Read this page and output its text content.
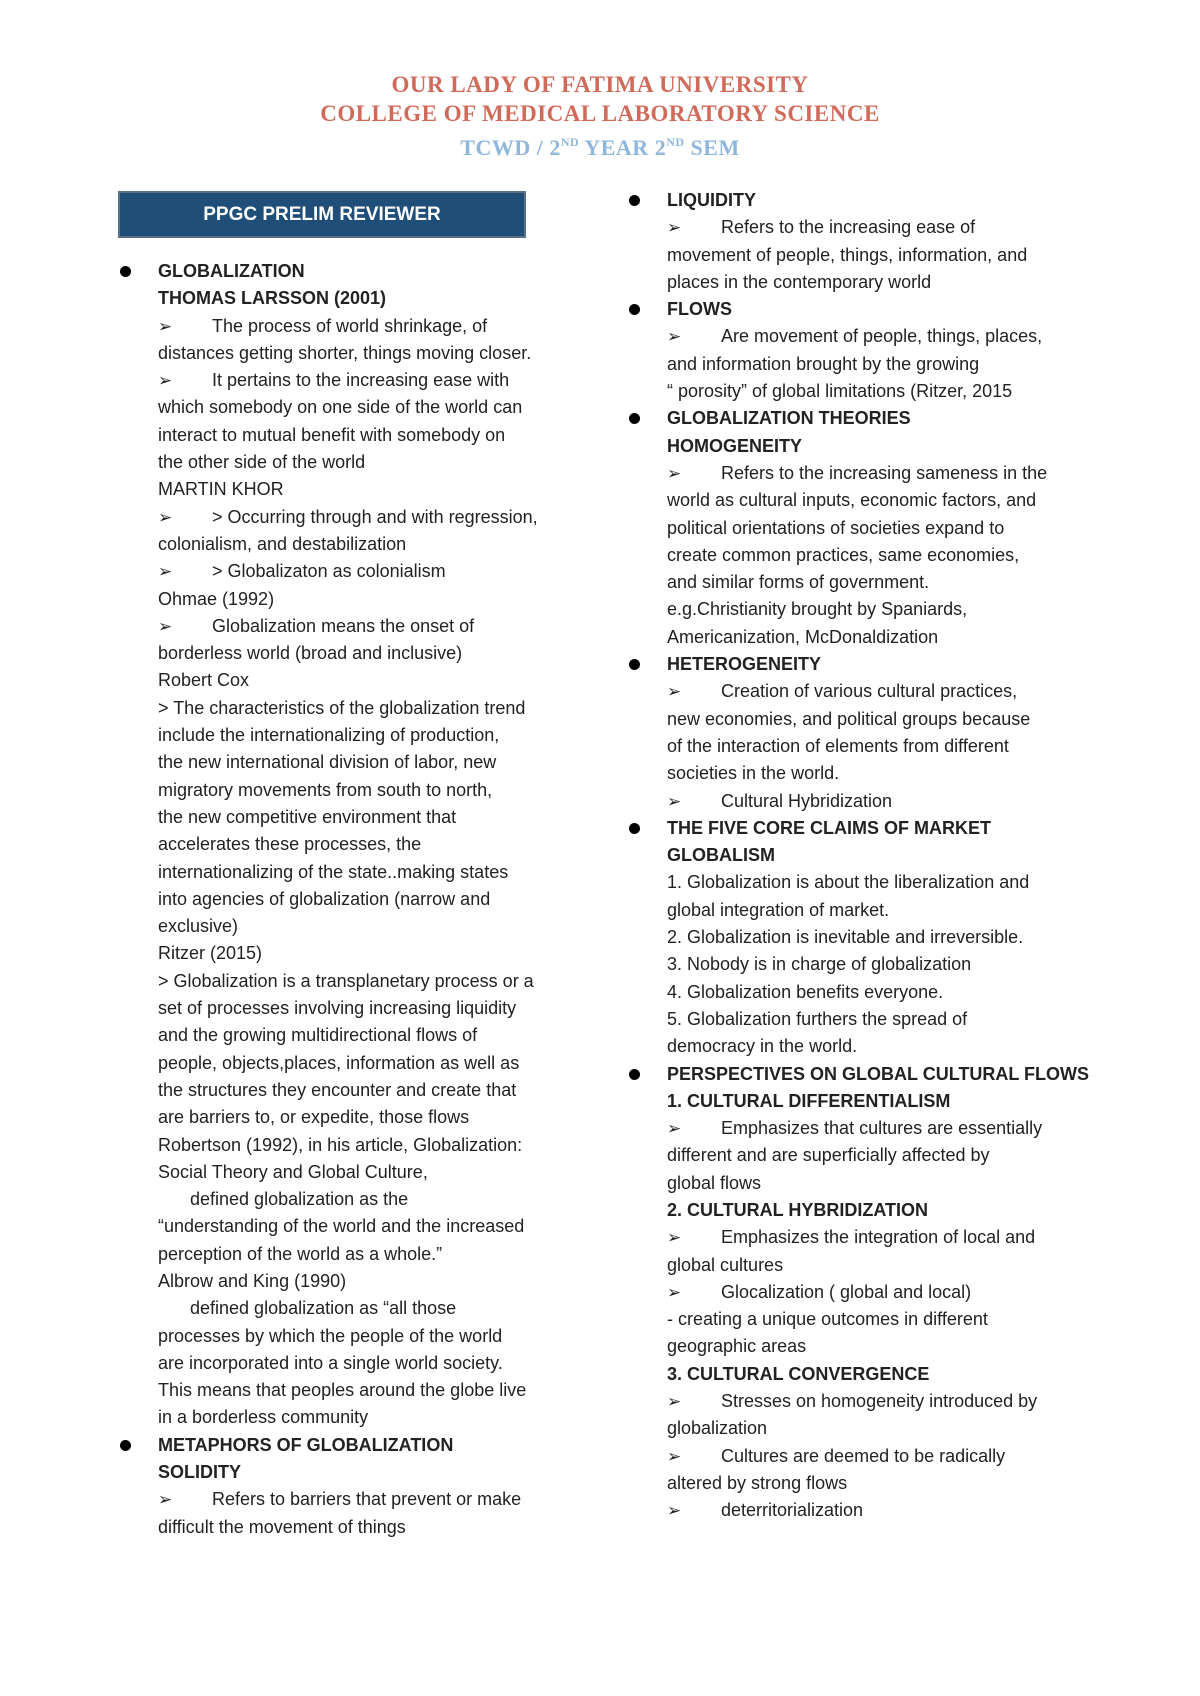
OUR LADY OF FATIMA UNIVERSITY
COLLEGE OF MEDICAL LABORATORY SCIENCE
TCWD / 2ND YEAR 2ND SEM
PPGC PRELIM REVIEWER
GLOBALIZATION
THOMAS LARSSON (2001)
➢ The process of world shrinkage, of
distances getting shorter, things moving closer.
➢ It pertains to the increasing ease with
which somebody on one side of the world can
interact to mutual benefit with somebody on
the other side of the world
MARTIN KHOR
➢ > Occurring through and with regression,
colonialism, and destabilization
➢ > Globalizaton as colonialism
Ohmae (1992)
➢ Globalization means the onset of
borderless world (broad and inclusive)
Robert Cox
> The characteristics of the globalization trend
include the internationalizing of production,
the new international division of labor, new
migratory movements from south to north,
the new competitive environment that
accelerates these processes, the
internationalizing of the state..making states
into agencies of globalization (narrow and
exclusive)
Ritzer (2015)
> Globalization is a transplanetary process or a
set of processes involving increasing liquidity
and the growing multidirectional flows of
people, objects,places, information as well as
the structures they encounter and create that
are barriers to, or expedite, those flows
Robertson (1992), in his article, Globalization:
Social Theory and Global Culture,
defined globalization as the
“understanding of the world and the increased
perception of the world as a whole.”
Albrow and King (1990)
defined globalization as “all those
processes by which the people of the world
are incorporated into a single world society.
This means that peoples around the globe live
in a borderless community
METAPHORS OF GLOBALIZATION
SOLIDITY
➢ Refers to barriers that prevent or make
difficult the movement of things
LIQUIDITY
➢ Refers to the increasing ease of
movement of people, things, information, and
places in the contemporary world
FLOWS
➢ Are movement of people, things, places,
and information brought by the growing
“ porosity” of global limitations (Ritzer, 2015
GLOBALIZATION THEORIES
HOMOGENEITY
➢ Refers to the increasing sameness in the
world as cultural inputs, economic factors, and
political orientations of societies expand to
create common practices, same economies,
and similar forms of government.
e.g.Christianity brought by Spaniards,
Americanization, McDonaldization
HETEROGENEITY
➢ Creation of various cultural practices,
new economies, and political groups because
of the interaction of elements from different
societies in the world.
➢ Cultural Hybridization
THE FIVE CORE CLAIMS OF MARKET
GLOBALISM
1. Globalization is about the liberalization and
global integration of market.
2. Globalization is inevitable and irreversible.
3. Nobody is in charge of globalization
4. Globalization benefits everyone.
5. Globalization furthers the spread of
democracy in the world.
PERSPECTIVES ON GLOBAL CULTURAL FLOWS
1. CULTURAL DIFFERENTIALISM
➢ Emphasizes that cultures are essentially
different and are superficially affected by
global flows
2. CULTURAL HYBRIDIZATION
➢ Emphasizes the integration of local and
global cultures
➢ Glocalization ( global and local)
- creating a unique outcomes in different
geographic areas
3. CULTURAL CONVERGENCE
➢ Stresses on homogeneity introduced by
globalization
➢ Cultures are deemed to be radically
altered by strong flows
➢ deterritorialization
